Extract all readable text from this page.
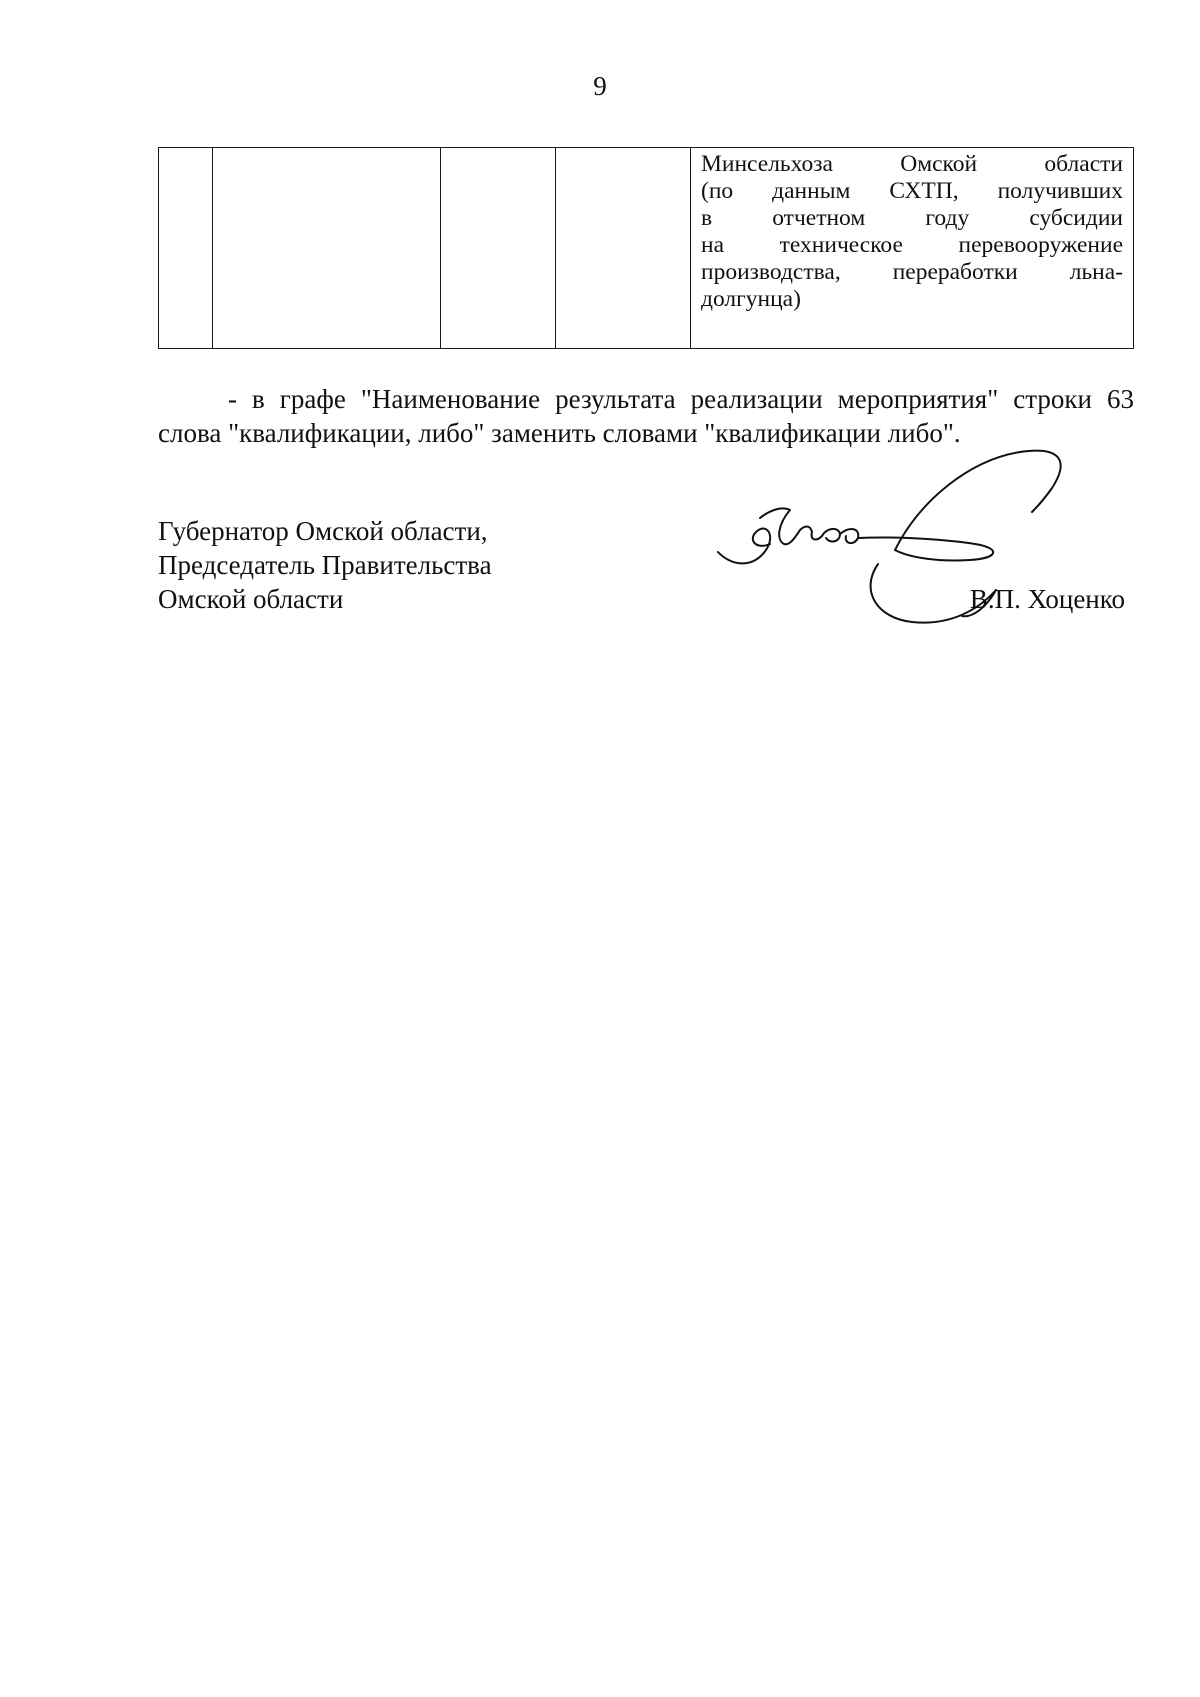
9

Минсельхоза Омской области
(по данным СХТП, получивших
в отчетном году субсидии
на техническое перевооружение
производства, переработки льна-
долгунца)
- в графе "Наименование результата реализации мероприятия" строки 63
слова "квалификации, либо" заменить словами "квалификации либо".
Губернатор Омской области,
Председатель Правительства
Омской области	В.П. Хоценко
